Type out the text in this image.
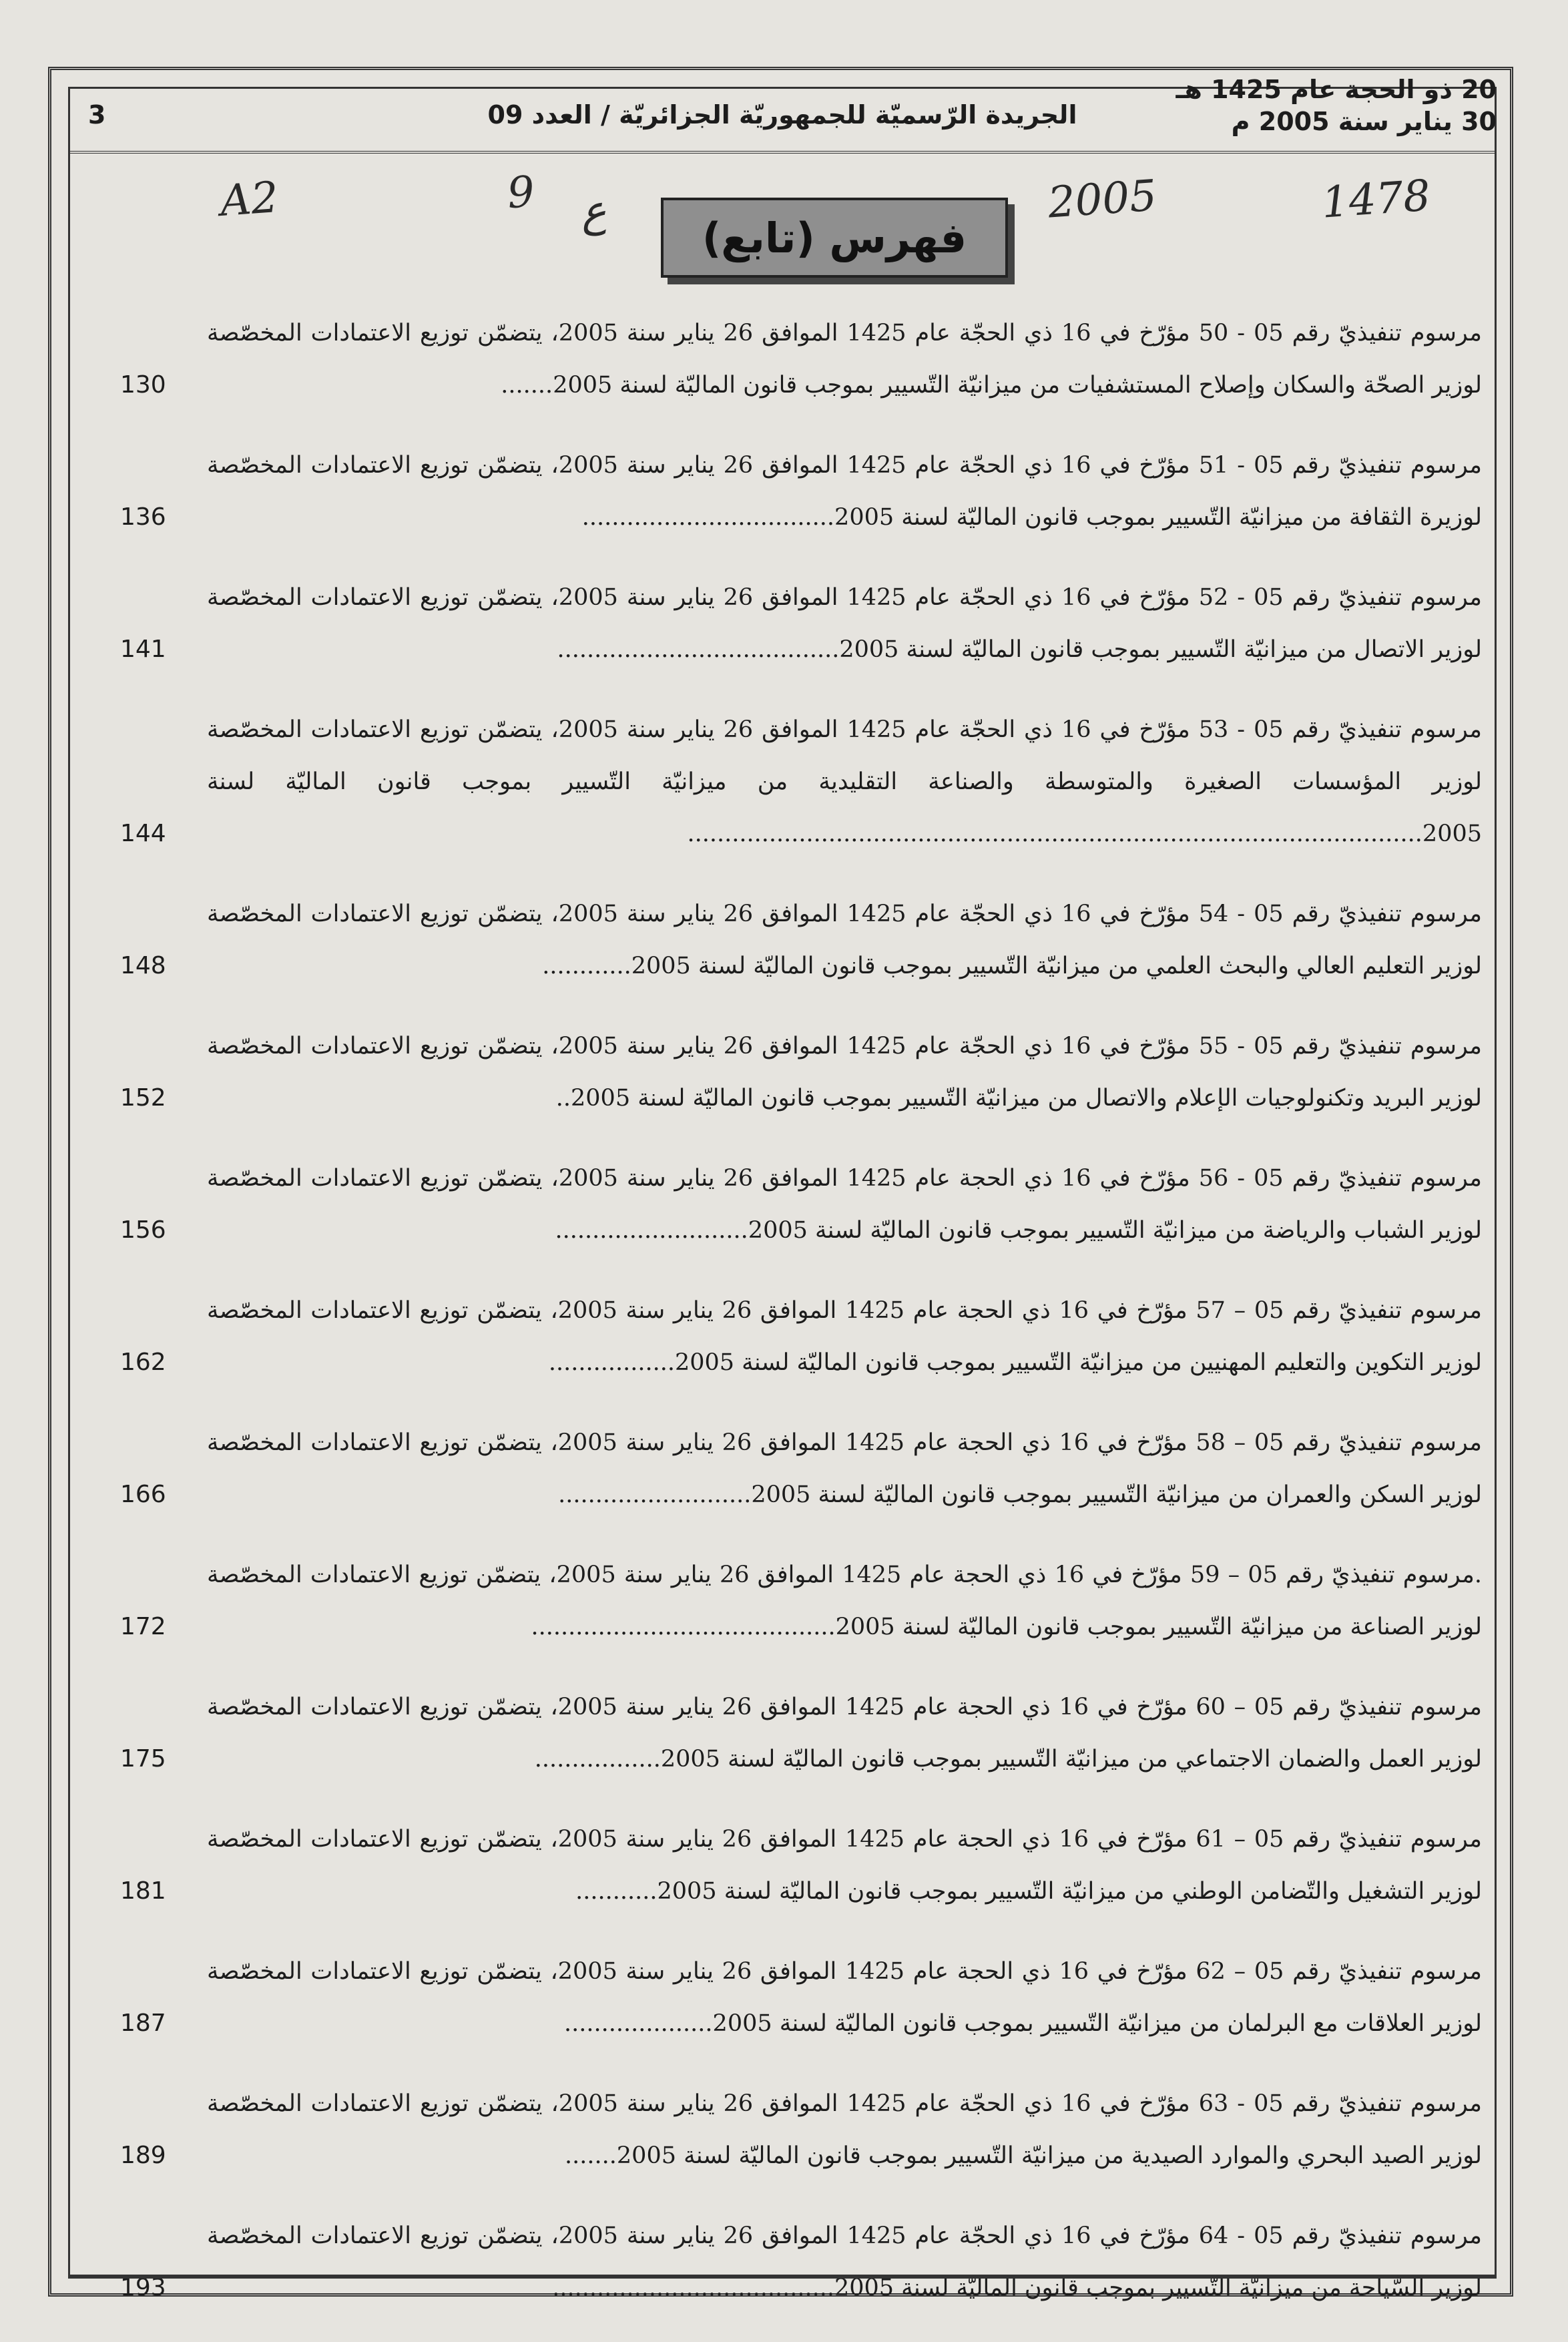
20 ذو الحجة عام 1425 هـ
30 يناير سنة 2005 م
الجريدة الرّسميّة للجمهوريّة الجزائريّة / العدد 09
3
A2	9 ع	2005	1478
فهرس (تابع)

مرسوم تنفيذيّ رقم 05 - 50 مؤرّخ في 16 ذي الحجّة عام 1425 الموافق 26 يناير سنة 2005، يتضمّن توزيع الاعتمادات المخصّصة لوزير الصحّة والسكان وإصلاح المستشفيات من ميزانيّة التّسيير بموجب قانون الماليّة لسنة 2005.......

130

مرسوم تنفيذيّ رقم 05 - 51 مؤرّخ في 16 ذي الحجّة عام 1425 الموافق 26 يناير سنة 2005، يتضمّن توزيع الاعتمادات المخصّصة لوزيرة الثقافة من ميزانيّة التّسيير بموجب قانون الماليّة لسنة 2005..................................

136

مرسوم تنفيذيّ رقم 05 - 52 مؤرّخ في 16 ذي الحجّة عام 1425 الموافق 26 يناير سنة 2005، يتضمّن توزيع الاعتمادات المخصّصة لوزير الاتصال من ميزانيّة التّسيير بموجب قانون الماليّة لسنة 2005......................................

141

مرسوم تنفيذيّ رقم 05 - 53 مؤرّخ في 16 ذي الحجّة عام 1425 الموافق 26 يناير سنة 2005، يتضمّن توزيع الاعتمادات المخصّصة لوزير المؤسسات الصغيرة والمتوسطة والصناعة التقليدية من ميزانيّة التّسيير بموجب قانون الماليّة لسنة 2005...................................................................................................

144

مرسوم تنفيذيّ رقم 05 - 54 مؤرّخ في 16 ذي الحجّة عام 1425 الموافق 26 يناير سنة 2005، يتضمّن توزيع الاعتمادات المخصّصة لوزير التعليم العالي والبحث العلمي من ميزانيّة التّسيير بموجب قانون الماليّة لسنة 2005............

148

مرسوم تنفيذيّ رقم 05 - 55 مؤرّخ في 16 ذي الحجّة عام 1425 الموافق 26 يناير سنة 2005، يتضمّن توزيع الاعتمادات المخصّصة لوزير البريد وتكنولوجيات الإعلام والاتصال من ميزانيّة التّسيير بموجب قانون الماليّة لسنة 2005..

152

مرسوم تنفيذيّ رقم 05 - 56 مؤرّخ في 16 ذي الحجة عام 1425 الموافق 26 يناير سنة 2005، يتضمّن توزيع الاعتمادات المخصّصة لوزير الشباب والرياضة من ميزانيّة التّسيير بموجب قانون الماليّة لسنة 2005..........................

156

مرسوم تنفيذيّ رقم 05 – 57 مؤرّخ في 16 ذي الحجة عام 1425 الموافق 26 يناير سنة 2005، يتضمّن توزيع الاعتمادات المخصّصة لوزير التكوين والتعليم المهنيين من ميزانيّة التّسيير بموجب قانون الماليّة لسنة 2005.................

162

مرسوم تنفيذيّ رقم 05 – 58 مؤرّخ في 16 ذي الحجة عام 1425 الموافق 26 يناير سنة 2005، يتضمّن توزيع الاعتمادات المخصّصة لوزير السكن والعمران من ميزانيّة التّسيير بموجب قانون الماليّة لسنة 2005..........................

166

.مرسوم تنفيذيّ رقم 05 – 59 مؤرّخ في 16 ذي الحجة عام 1425 الموافق 26 يناير سنة 2005، يتضمّن توزيع الاعتمادات المخصّصة لوزير الصناعة من ميزانيّة التّسيير بموجب قانون الماليّة لسنة 2005.........................................

172

مرسوم تنفيذيّ رقم 05 – 60 مؤرّخ في 16 ذي الحجة عام 1425 الموافق 26 يناير سنة 2005، يتضمّن توزيع الاعتمادات المخصّصة لوزير العمل والضمان الاجتماعي من ميزانيّة التّسيير بموجب قانون الماليّة لسنة 2005.................

175

مرسوم تنفيذيّ رقم 05 – 61 مؤرّخ في 16 ذي الحجة عام 1425 الموافق 26 يناير سنة 2005، يتضمّن توزيع الاعتمادات المخصّصة لوزير التشغيل والتّضامن الوطني من ميزانيّة التّسيير بموجب قانون الماليّة لسنة 2005...........

181

مرسوم تنفيذيّ رقم 05 – 62 مؤرّخ في 16 ذي الحجة عام 1425 الموافق 26 يناير سنة 2005، يتضمّن توزيع الاعتمادات المخصّصة لوزير العلاقات مع البرلمان من ميزانيّة التّسيير بموجب قانون الماليّة لسنة 2005....................

187

مرسوم تنفيذيّ رقم 05 - 63 مؤرّخ في 16 ذي الحجّة عام 1425 الموافق 26 يناير سنة 2005، يتضمّن توزيع الاعتمادات المخصّصة لوزير الصيد البحري والموارد الصيدية من ميزانيّة التّسيير بموجب قانون الماليّة لسنة 2005.......

189

مرسوم تنفيذيّ رقم 05 - 64 مؤرّخ في 16 ذي الحجّة عام 1425 الموافق 26 يناير سنة 2005، يتضمّن توزيع الاعتمادات المخصّصة لوزير السّياحة من ميزانيّة التّسيير بموجب قانون الماليّة لسنة 2005......................................

193
